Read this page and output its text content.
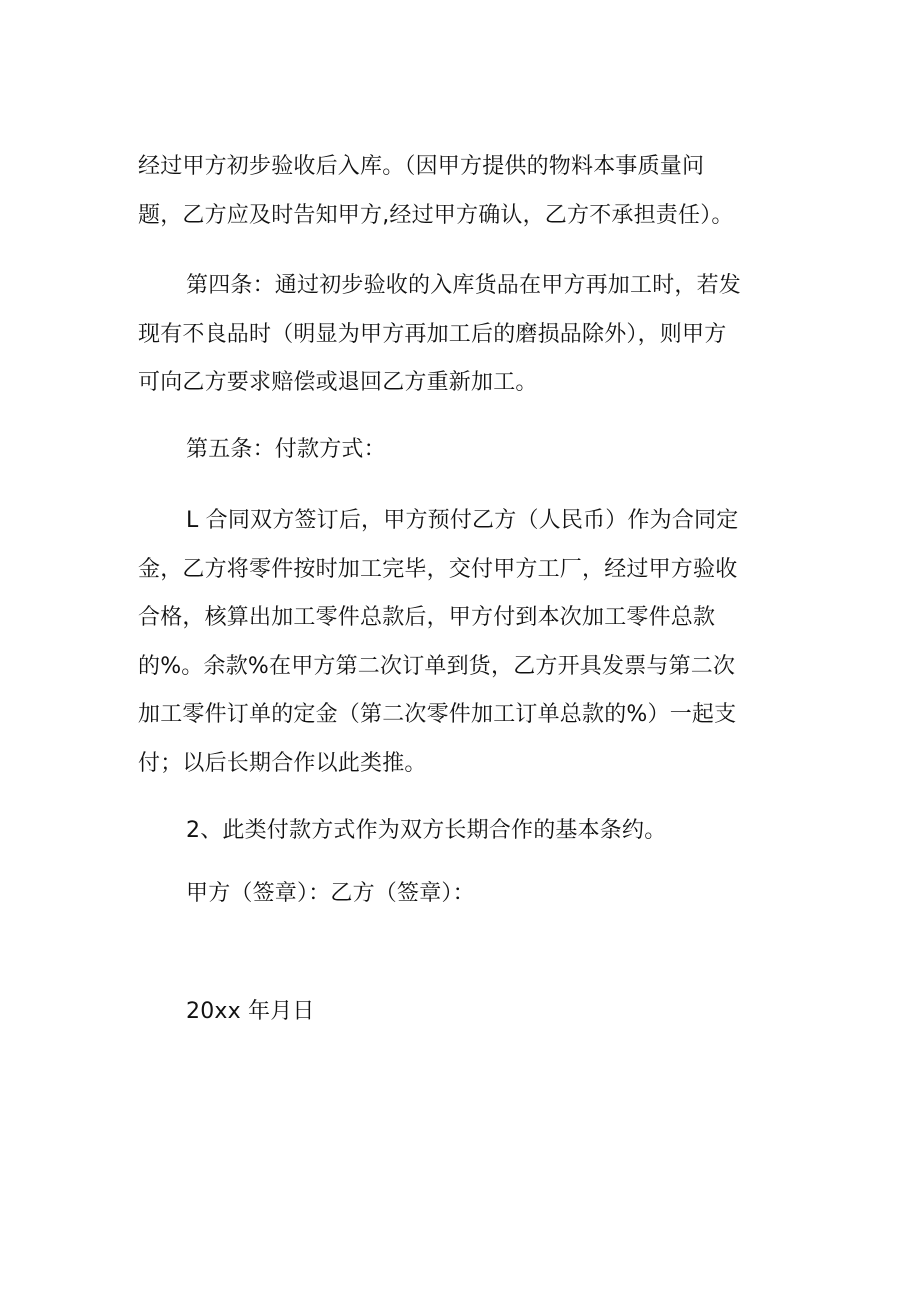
经过甲方初步验收后入库。（因甲方提供的物料本事质量问
题，乙方应及时告知甲方,经过甲方确认，乙方不承担责任）。
第四条：通过初步验收的入库货品在甲方再加工时，若发
现有不良品时（明显为甲方再加工后的磨损品除外），则甲方
可向乙方要求赔偿或退回乙方重新加工。
第五条：付款方式：
L 合同双方签订后，甲方预付乙方（人民币）作为合同定
金，乙方将零件按时加工完毕，交付甲方工厂，经过甲方验收
合格，核算出加工零件总款后，甲方付到本次加工零件总款
的%。余款%在甲方第二次订单到货，乙方开具发票与第二次
加工零件订单的定金（第二次零件加工订单总款的%）一起支
付；以后长期合作以此类推。
2、此类付款方式作为双方长期合作的基本条约。
甲方（签章）：乙方（签章）：
20xx 年月日
